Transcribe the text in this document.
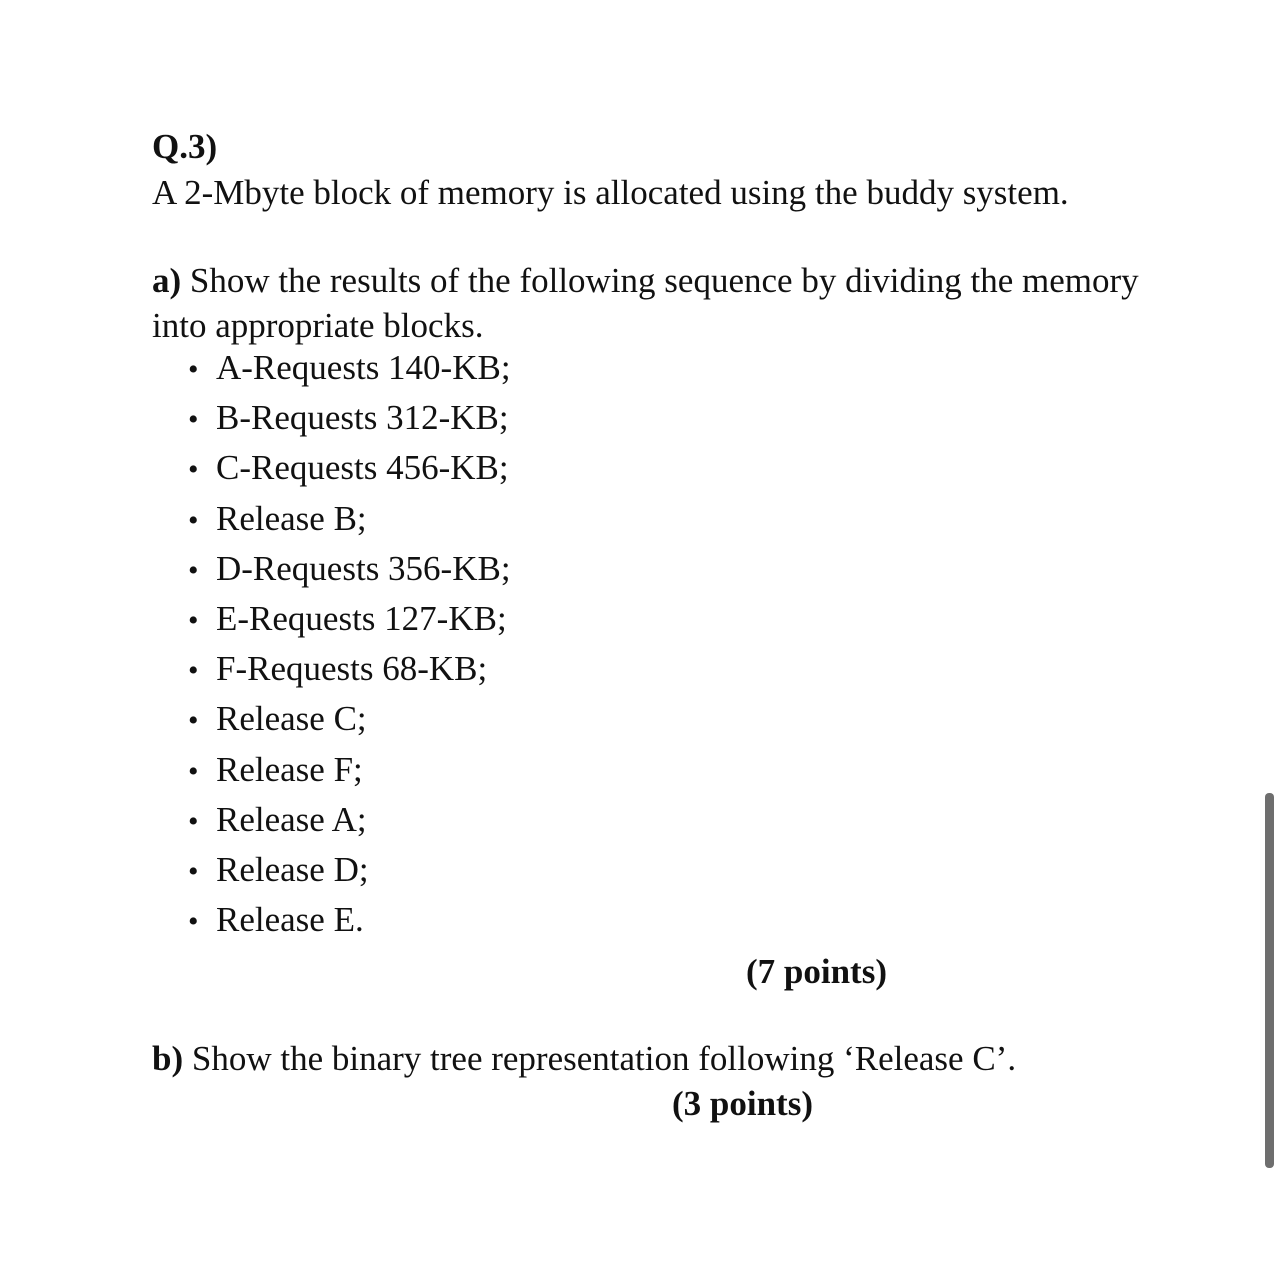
Q.3)
A 2-Mbyte block of memory is allocated using the buddy system.
a) Show the results of the following sequence by dividing the memory into appropriate blocks.
• A-Requests 140-KB;
• B-Requests 312-KB;
• C-Requests 456-KB;
• Release B;
• D-Requests 356-KB;
• E-Requests 127-KB;
• F-Requests 68-KB;
• Release C;
• Release F;
• Release A;
• Release D;
• Release E.
(7 points)
b) Show the binary tree representation following ‘Release C’.
(3 points)
